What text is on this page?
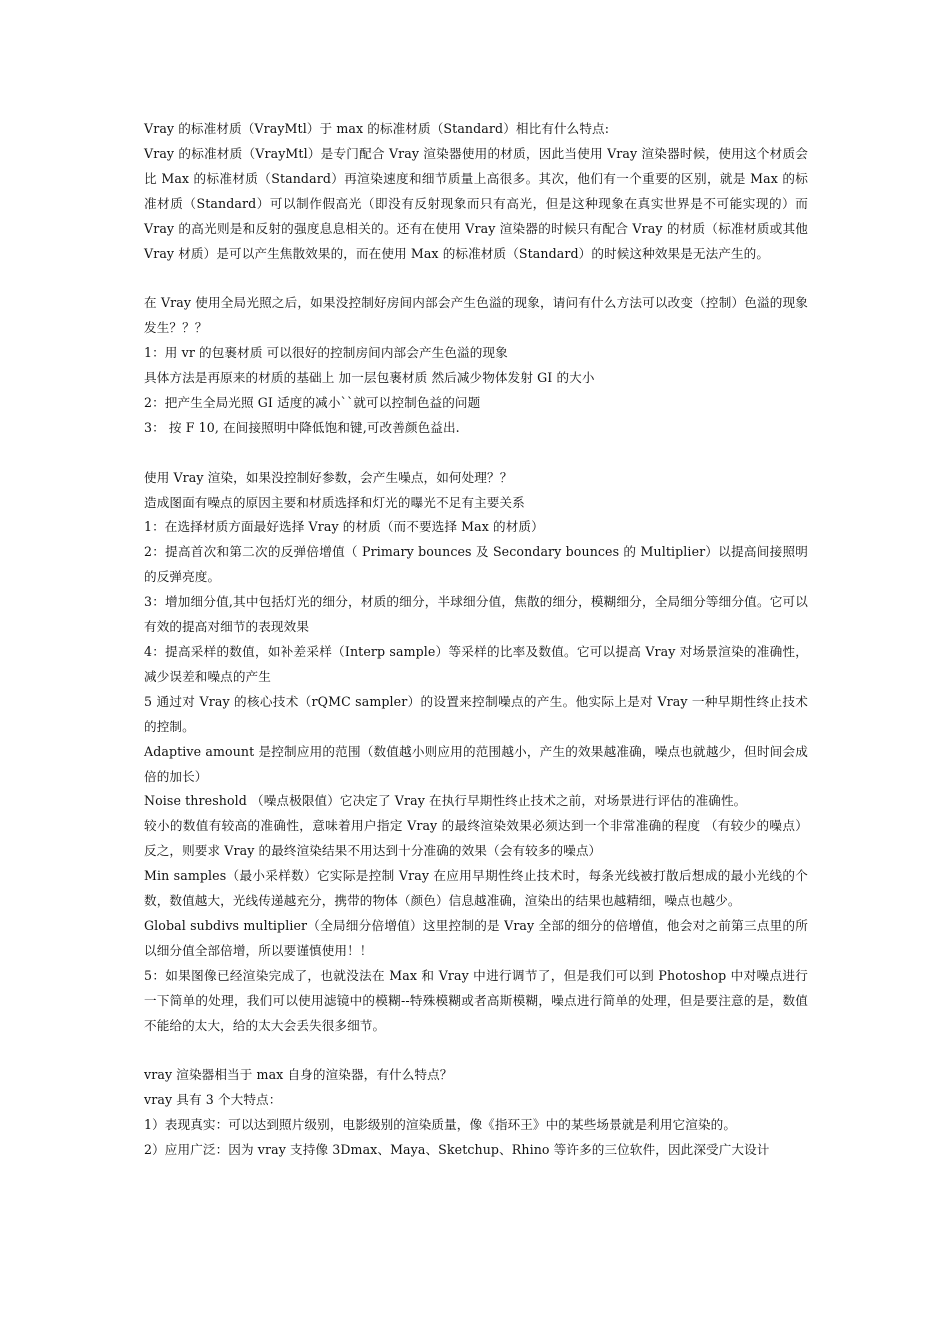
Vray 的标准材质（VrayMtl）于 max 的标准材质（Standard）相比有什么特点:

Vray 的标准材质（VrayMtl）是专门配合 Vray 渲染器使用的材质，因此当使用 Vray 渲染器时候，使用这个材质会比 Max 的标准材质（Standard）再渲染速度和细节质量上高很多。其次，他们有一个重要的区别，就是 Max 的标准材质（Standard）可以制作假高光（即没有反射现象而只有高光，但是这种现象在真实世界是不可能实现的）而 Vray 的高光则是和反射的强度息息相关的。还有在使用 Vray 渲染器的时候只有配合 Vray 的材质（标准材质或其他 Vray 材质）是可以产生焦散效果的，而在使用 Max 的标准材质（Standard）的时候这种效果是无法产生的。

在 Vray 使用全局光照之后，如果没控制好房间内部会产生色溢的现象，请问有什么方法可以改变（控制）色溢的现象发生？？？

1：用 vr 的包裹材质 可以很好的控制房间内部会产生色溢的现象

具体方法是再原来的材质的基础上 加一层包裹材质 然后减少物体发射 GI 的大小

2：把产生全局光照 GI 适度的减小``就可以控制色益的问题

3： 按 F 10, 在间接照明中降低饱和键,可改善颜色益出.

使用 Vray 渲染，如果没控制好参数，会产生噪点，如何处理？？

造成图面有噪点的原因主要和材质选择和灯光的曝光不足有主要关系

1：在选择材质方面最好选择 Vray 的材质（而不要选择 Max 的材质）

2：提高首次和第二次的反弹倍增值（ Primary bounces 及 Secondary bounces 的 Multiplier）以提高间接照明的反弹亮度。

3：增加细分值,其中包括灯光的细分，材质的细分，半球细分值，焦散的细分，模糊细分，全局细分等细分值。它可以有效的提高对细节的表现效果

4：提高采样的数值，如补差采样（Interp sample）等采样的比率及数值。它可以提高 Vray 对场景渲染的准确性，减少误差和噪点的产生

5 通过对 Vray 的核心技术（rQMC sampler）的设置来控制噪点的产生。他实际上是对 Vray 一种早期性终止技术的控制。

Adaptive amount 是控制应用的范围（数值越小则应用的范围越小，产生的效果越准确，噪点也就越少，但时间会成倍的加长）

Noise threshold （噪点极限值）它决定了 Vray 在执行早期性终止技术之前，对场景进行评估的准确性。

较小的数值有较高的准确性，意味着用户指定 Vray 的最终渲染效果必须达到一个非常准确的程度 （有较少的噪点）反之，则要求 Vray 的最终渲染结果不用达到十分准确的效果（会有较多的噪点）

Min samples（最小采样数）它实际是控制 Vray 在应用早期性终止技术时，每条光线被打散后想成的最小光线的个数，数值越大，光线传递越充分，携带的物体（颜色）信息越准确，渲染出的结果也越精细，噪点也越少。

Global subdivs multiplier（全局细分倍增值）这里控制的是 Vray 全部的细分的倍增值，他会对之前第三点里的所以细分值全部倍增，所以要谨慎使用！！

5：如果图像已经渲染完成了，也就没法在 Max 和 Vray 中进行调节了，但是我们可以到 Photoshop 中对噪点进行一下简单的处理，我们可以使用滤镜中的模糊--特殊模糊或者高斯模糊，噪点进行简单的处理，但是要注意的是，数值不能给的太大，给的太大会丢失很多细节。

vray 渲染器相当于 max 自身的渲染器，有什么特点？

vray 具有 3 个大特点：

1）表现真实：可以达到照片级别，电影级别的渲染质量，像《指环王》中的某些场景就是利用它渲染的。

2）应用广泛：因为 vray 支持像 3Dmax、Maya、Sketchup、Rhino 等许多的三位软件，因此深受广大设计
